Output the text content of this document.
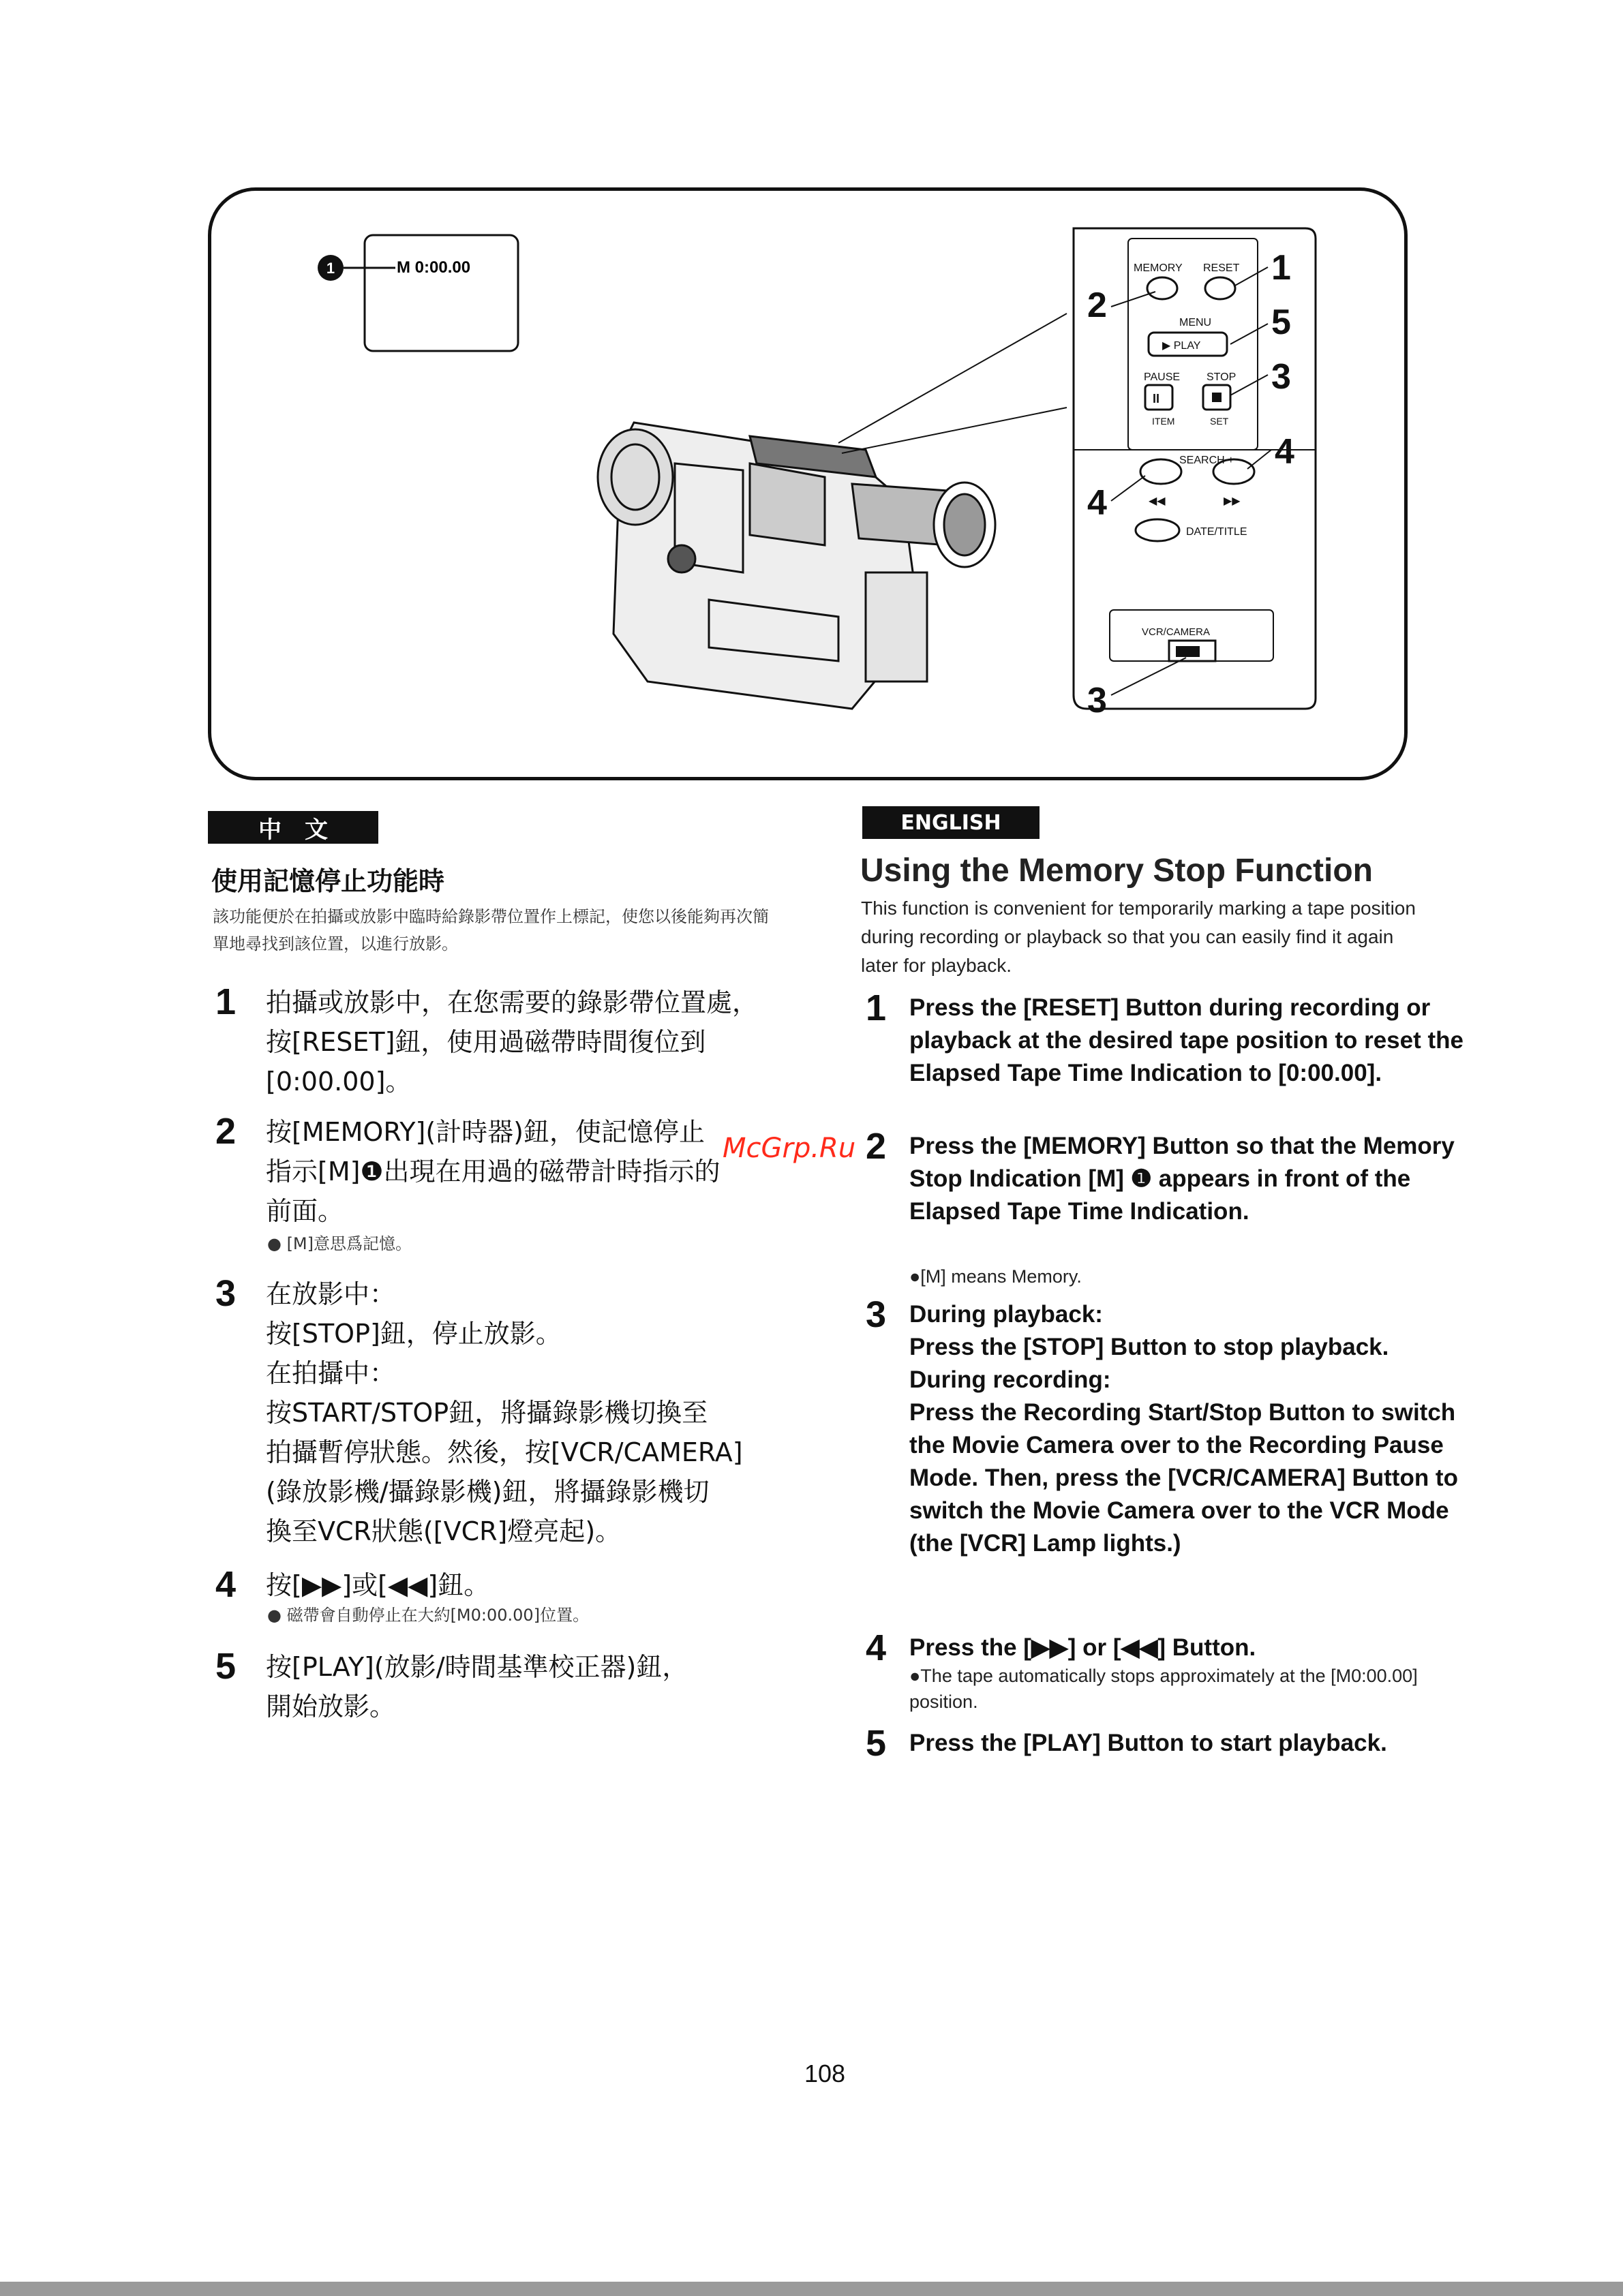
1	M 0:00.00	MEMORY RESET
MENU
▶ PLAY
PAUSE STOP
II
ITEM	SET
SEARCH +
◀◀	▶▶
DATE/TITLE
VCR/CAMERA
1
2	5
3
4
4
3
中文
使用記憶停止功能時
該功能便於在拍攝或放影中臨時給錄影帶位置作上標記，使您以後能夠再次簡單地尋找到該位置，以進行放影。
1 拍攝或放影中，在您需要的錄影帶位置處，
按[RESET]鈕，使用過磁帶時間復位到
[0:00.00]。
2 按[MEMORY](計時器)鈕，使記憶停止
指示[M]❶出現在用過的磁帶計時指示的
前面。
● [M]意思爲記憶。
3 在放影中：
按[STOP]鈕，停止放影。
在拍攝中：
按START/STOP鈕，將攝錄影機切換至
拍攝暫停狀態。然後，按[VCR/CAMERA]
(錄放影機/攝錄影機)鈕，將攝錄影機切
換至VCR狀態([VCR]燈亮起)。
4 按[▶▶]或[◀◀]鈕。
● 磁帶會自動停止在大約[M0:00.00]位置。
5 按[PLAY](放影/時間基準校正器)鈕，
開始放影。
ENGLISH
Using the Memory Stop Function
This function is convenient for temporarily marking a tape position during recording or playback so that you can easily find it again later for playback.
1 Press the [RESET] Button during recording or playback at the desired tape position to reset the Elapsed Tape Time Indication to [0:00.00].
2 Press the [MEMORY] Button so that the Memory Stop Indication [M] ❶ appears in front of the Elapsed Tape Time Indication.
●[M] means Memory.
3 During playback:
Press the [STOP] Button to stop playback.
During recording:
Press the Recording Start/Stop Button to switch the Movie Camera over to the Recording Pause Mode. Then, press the [VCR/CAMERA] Button to switch the Movie Camera over to the VCR Mode (the [VCR] Lamp lights.)
4 Press the [▶▶] or [◀◀] Button.
●The tape automatically stops approximately at the [M0:00.00] position.
5 Press the [PLAY] Button to start playback.
McGrp.Ru
108
